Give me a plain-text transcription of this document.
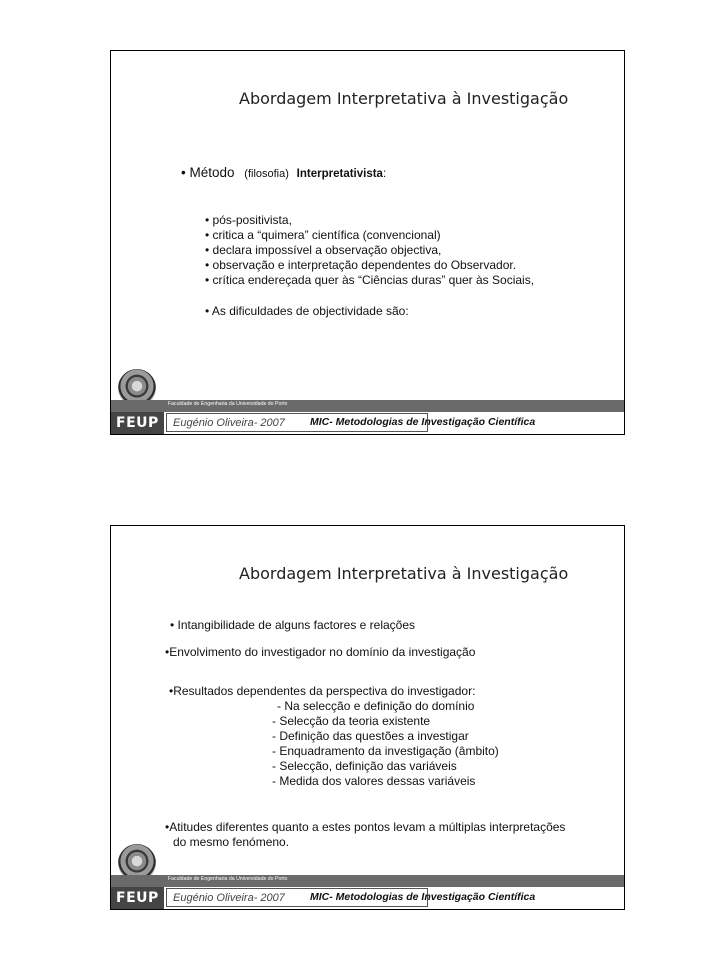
Abordagem Interpretativa à Investigação
• Método (filosofia) Interpretativista:
• pós-positivista,
• critica a “quimera” científica (convencional)
• declara impossível a observação objectiva,
• observação e interpretação dependentes do Observador.
• crítica endereçada quer às “Ciências duras” quer às Sociais,
• As dificuldades de objectividade são:
Faculdade de Engenharia da Universidade do Porto
FEUP Eugénio Oliveira- 2007 MIC- Metodologias de Investigação Científica
Abordagem Interpretativa à Investigação
• Intangibilidade de alguns factores e relações
•Envolvimento do investigador no domínio da investigação
•Resultados dependentes da perspectiva do investigador:
- Na selecção e definição do domínio
- Selecção da teoria existente
- Definição das questões a investigar
- Enquadramento da investigação (âmbito)
- Selecção, definição das variáveis
- Medida dos valores dessas variáveis
•Atitudes diferentes quanto a estes pontos levam a múltiplas interpretações
do mesmo fenómeno.
Faculdade de Engenharia da Universidade do Porto
FEUP Eugénio Oliveira- 2007 MIC- Metodologias de Investigação Científica
